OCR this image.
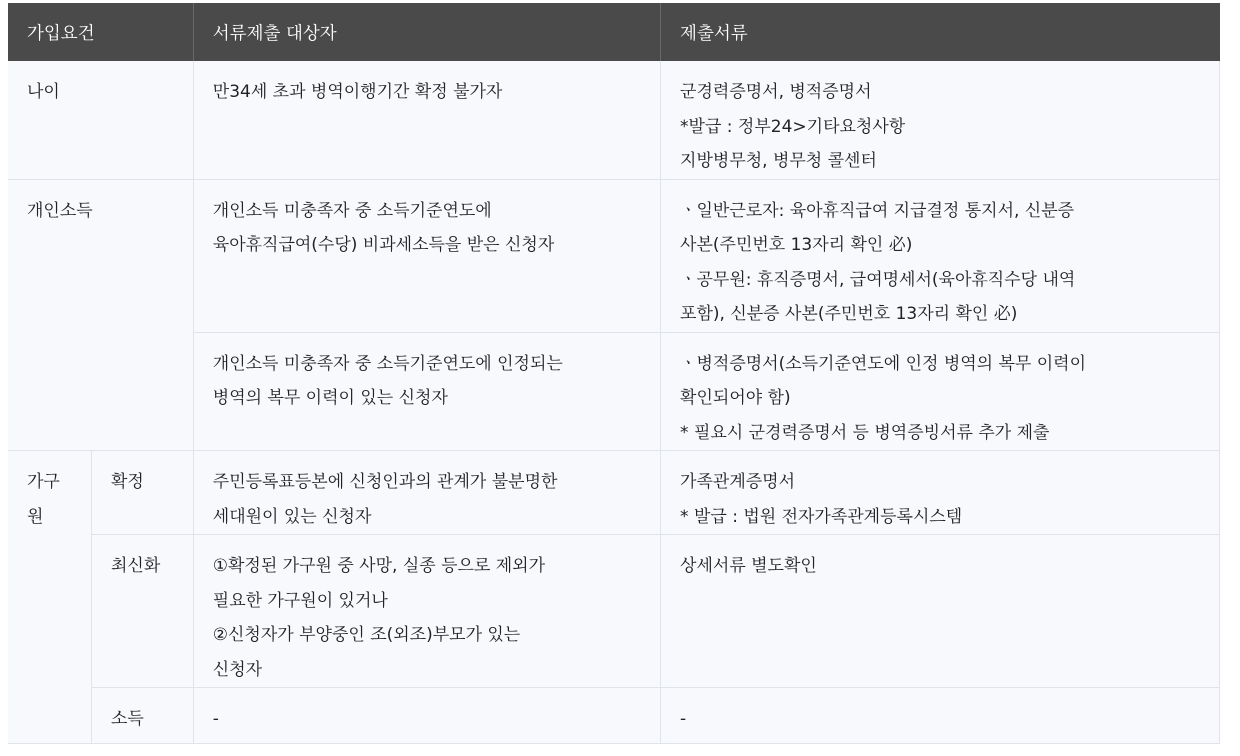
가입요건		서류제출 대상자	제출서류
나이		만34세 초과 병역이행기간 확정 불가자	군경력증명서, 병적증명서
*발급 : 정부24>기타요청사항
지방병무청, 병무청 콜센터

개인소득		개인소득 미충족자 중 소득기준연도에
육아휴직급여(수당) 비과세소득을 받은 신청자	ㆍ일반근로자: 육아휴직급여 지급결정 통지서, 신분증
사본(주민번호 13자리 확인 必)
ㆍ공무원: 휴직증명서, 급여명세서(육아휴직수당 내역
포함), 신분증 사본(주민번호 13자리 확인 必)

		개인소득 미충족자 중 소득기준연도에 인정되는
병역의 복무 이력이 있는 신청자	ㆍ병적증명서(소득기준연도에 인정 병역의 복무 이력이
확인되어야 함)
* 필요시 군경력증명서 등 병역증빙서류 추가 제출

가구원	확정	주민등록표등본에 신청인과의 관계가 불분명한
세대원이 있는 신청자	가족관계증명서
* 발급 : 법원 전자가족관계등록시스템

	최신화	①확정된 가구원 중 사망, 실종 등으로 제외가
필요한 가구원이 있거나
②신청자가 부양중인 조(외조)부모가 있는
신청자	상세서류 별도확인

	소득	-	-
